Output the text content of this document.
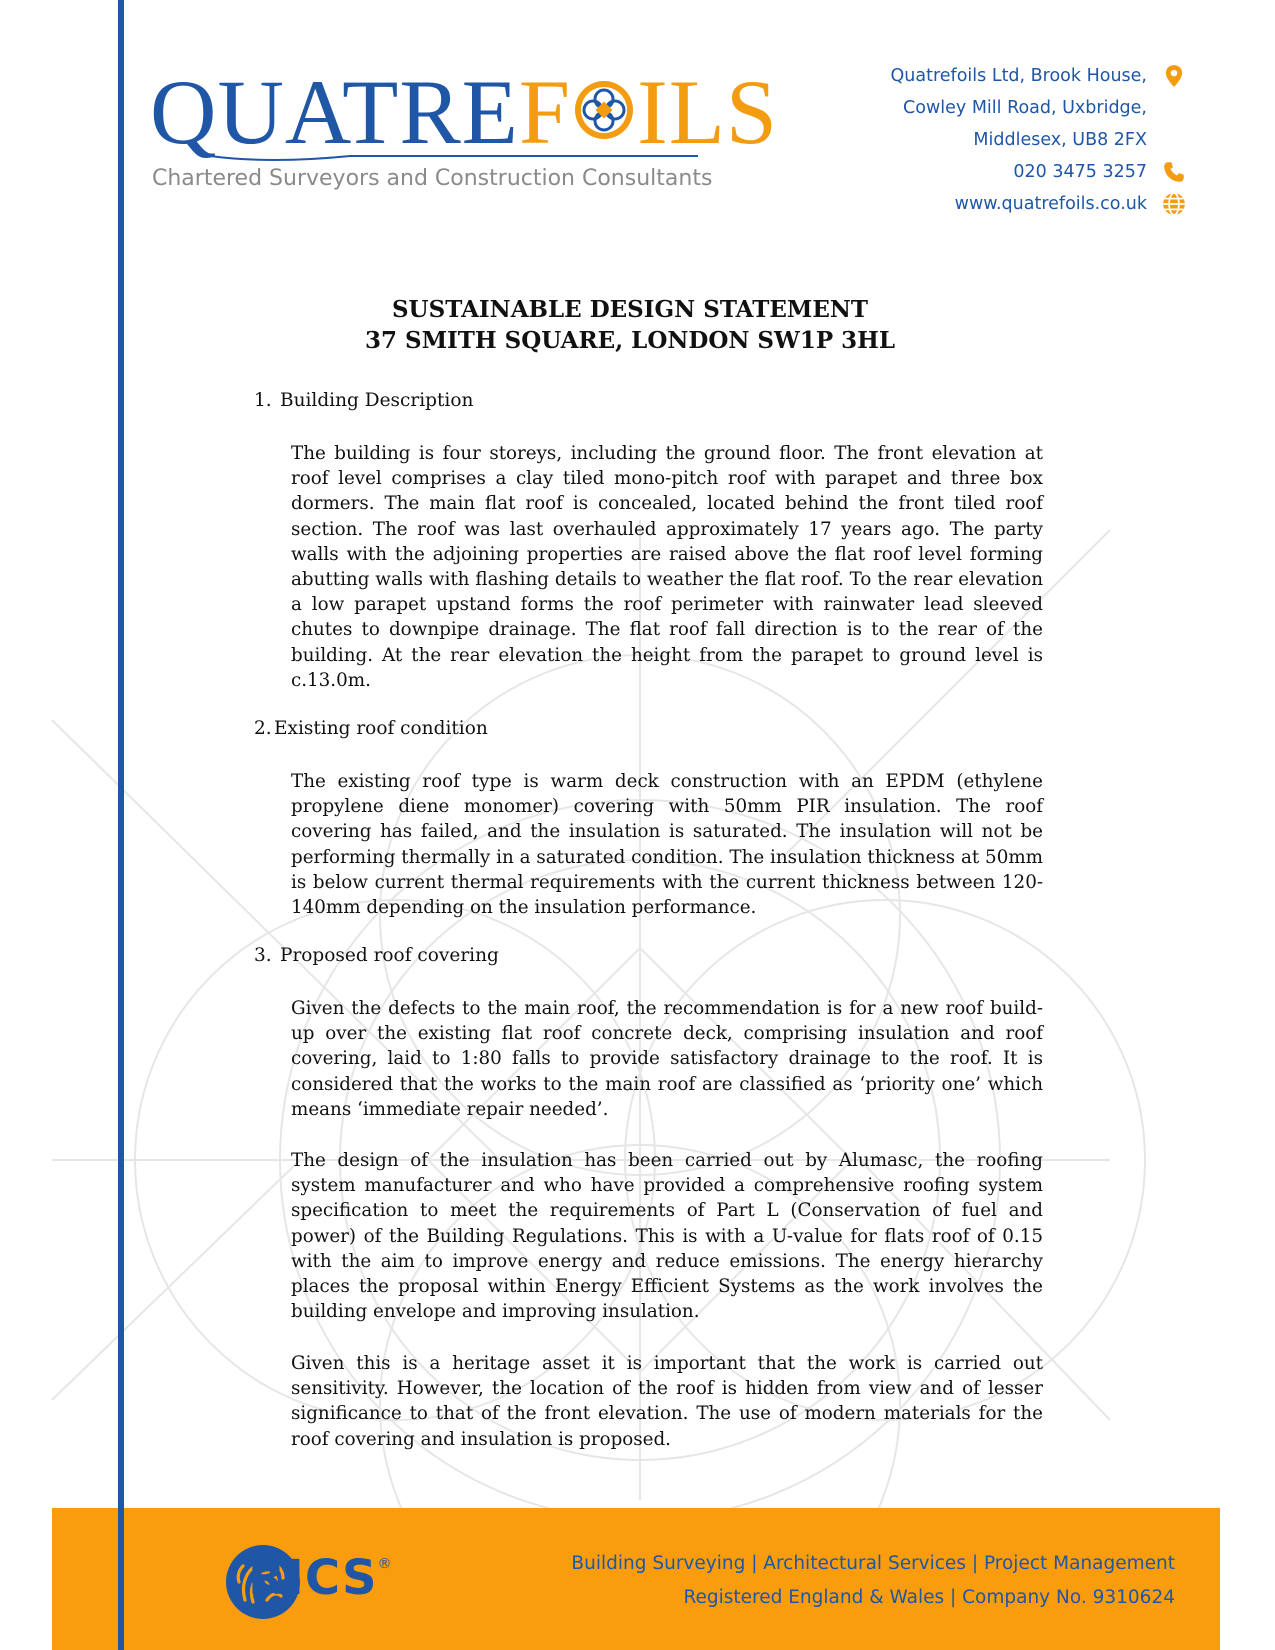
QUATREF ILS
Chartered Surveyors and Construction Consultants
Quatrefoils Ltd, Brook House,
Cowley Mill Road, Uxbridge,
Middlesex, UB8 2FX
020 3475 3257
www.quatrefoils.co.uk
SUSTAINABLE DESIGN STATEMENT
37 SMITH SQUARE, LONDON SW1P 3HL
1. Building Description
The building is four storeys, including the ground floor. The front elevation at roof level comprises a clay tiled mono-pitch roof with parapet and three box dormers. The main flat roof is concealed, located behind the front tiled roof section. The roof was last overhauled approximately 17 years ago. The party walls with the adjoining properties are raised above the flat roof level forming abutting walls with flashing details to weather the flat roof. To the rear elevation a low parapet upstand forms the roof perimeter with rainwater lead sleeved chutes to downpipe drainage. The flat roof fall direction is to the rear of the building. At the rear elevation the height from the parapet to ground level is c.13.0m.
2. Existing roof condition
The existing roof type is warm deck construction with an EPDM (ethylene propylene diene monomer) covering with 50mm PIR insulation. The roof covering has failed, and the insulation is saturated. The insulation will not be performing thermally in a saturated condition. The insulation thickness at 50mm is below current thermal requirements with the current thickness between 120-140mm depending on the insulation performance.
3. Proposed roof covering
Given the defects to the main roof, the recommendation is for a new roof build-up over the existing flat roof concrete deck, comprising insulation and roof covering, laid to 1:80 falls to provide satisfactory drainage to the roof. It is considered that the works to the main roof are classified as ‘priority one’ which means ‘immediate repair needed’.
The design of the insulation has been carried out by Alumasc, the roofing system manufacturer and who have provided a comprehensive roofing system specification to meet the requirements of Part L (Conservation of fuel and power) of the Building Regulations. This is with a U-value for flats roof of 0.15 with the aim to improve energy and reduce emissions. The energy hierarchy places the proposal within Energy Efficient Systems as the work involves the building envelope and improving insulation.
Given this is a heritage asset it is important that the work is carried out sensitivity. However, the location of the roof is hidden from view and of lesser significance to that of the front elevation. The use of modern materials for the roof covering and insulation is proposed.
RICS®	Building Surveying | Architectural Services | Project Management
Registered England & Wales | Company No. 9310624
